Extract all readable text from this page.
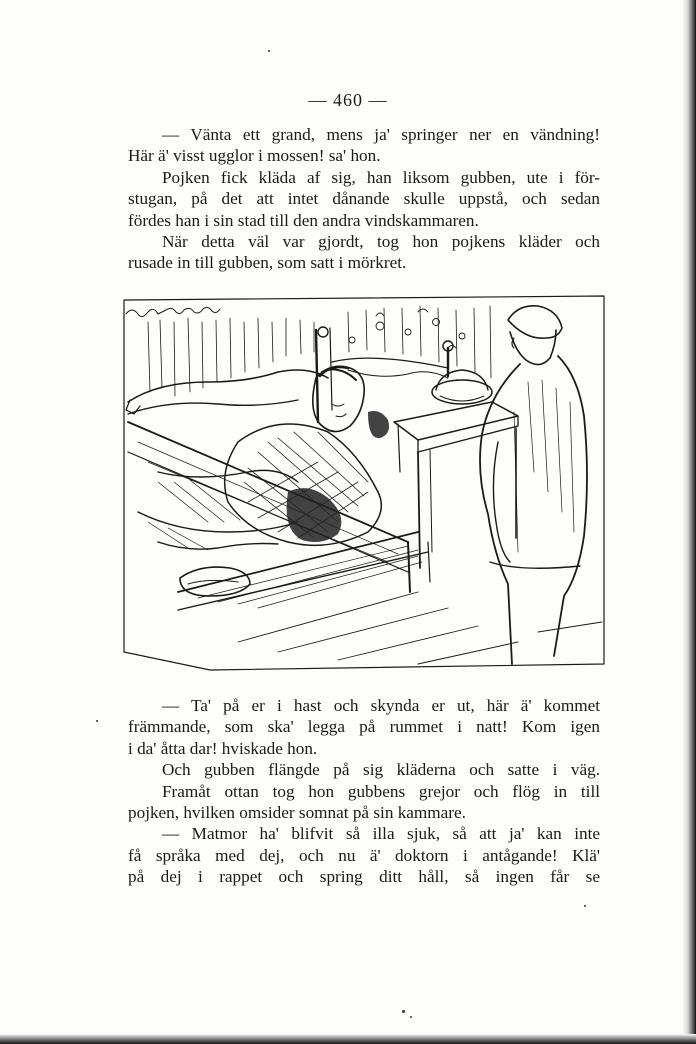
— 460 —
— Vänta ett grand, mens ja' springer ner en vändning!
Här ä' visst ugglor i mossen! sa' hon.
Pojken fick kläda af sig, han liksom gubben, ute i för-
stugan, på det att intet dånande skulle uppstå, och sedan
fördes han i sin stad till den andra vindskammaren.
När detta väl var gjordt, tog hon pojkens kläder och
rusade in till gubben, som satt i mörkret.
— Ta' på er i hast och skynda er ut, här ä' kommet
främmande, som ska' legga på rummet i natt! Kom igen
i da' åtta dar! hviskade hon.
Och gubben flängde på sig kläderna och satte i väg.
Framåt ottan tog hon gubbens grejor och flög in till
pojken, hvilken omsider somnat på sin kammare.
— Matmor ha' blifvit så illa sjuk, så att ja' kan inte
få språka med dej, och nu ä' doktorn i antågande! Klä'
på dej i rappet och spring ditt håll, så ingen får se
